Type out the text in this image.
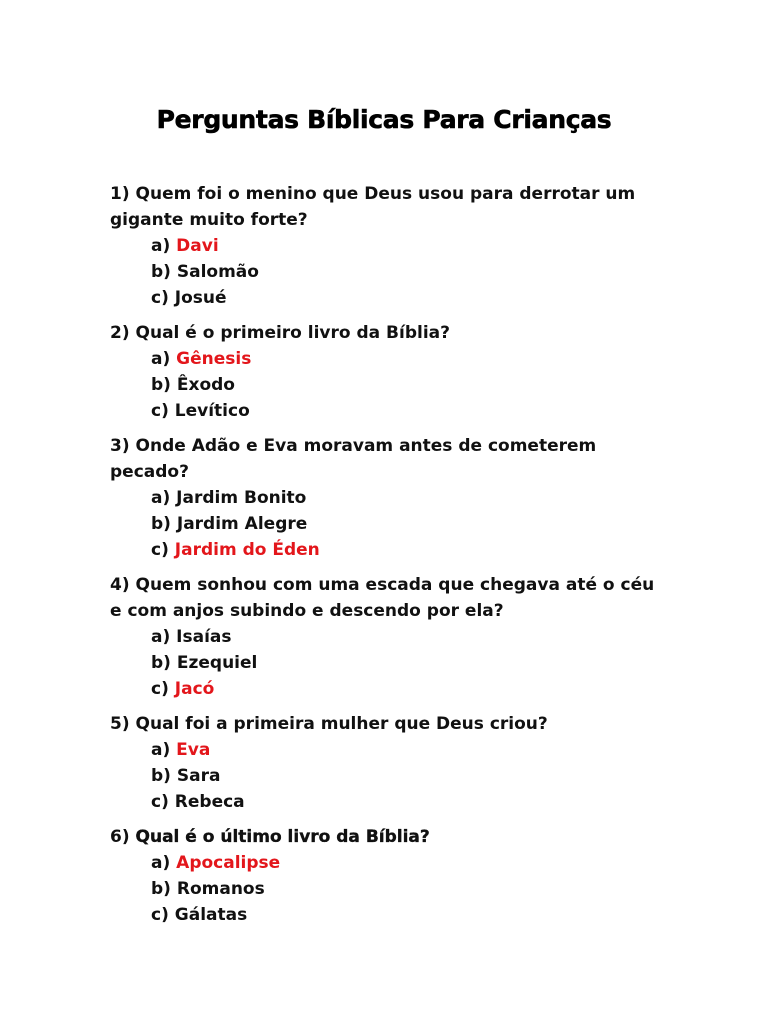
Perguntas Bíblicas Para Crianças

1) Quem foi o menino que Deus usou para derrotar um gigante muito forte?

a) Davi
b) Salomão
c) Josué

2) Qual é o primeiro livro da Bíblia?

a) Gênesis
b) Êxodo
c) Levítico

3) Onde Adão e Eva moravam antes de cometerem pecado?

a) Jardim Bonito
b) Jardim Alegre
c) Jardim do Éden

4) Quem sonhou com uma escada que chegava até o céu e com anjos subindo e descendo por ela?

a) Isaías
b) Ezequiel
c) Jacó

5) Qual foi a primeira mulher que Deus criou?

a) Eva
b) Sara
c) Rebeca

6) Qual é o último livro da Bíblia?

a) Apocalipse
b) Romanos
c) Gálatas
